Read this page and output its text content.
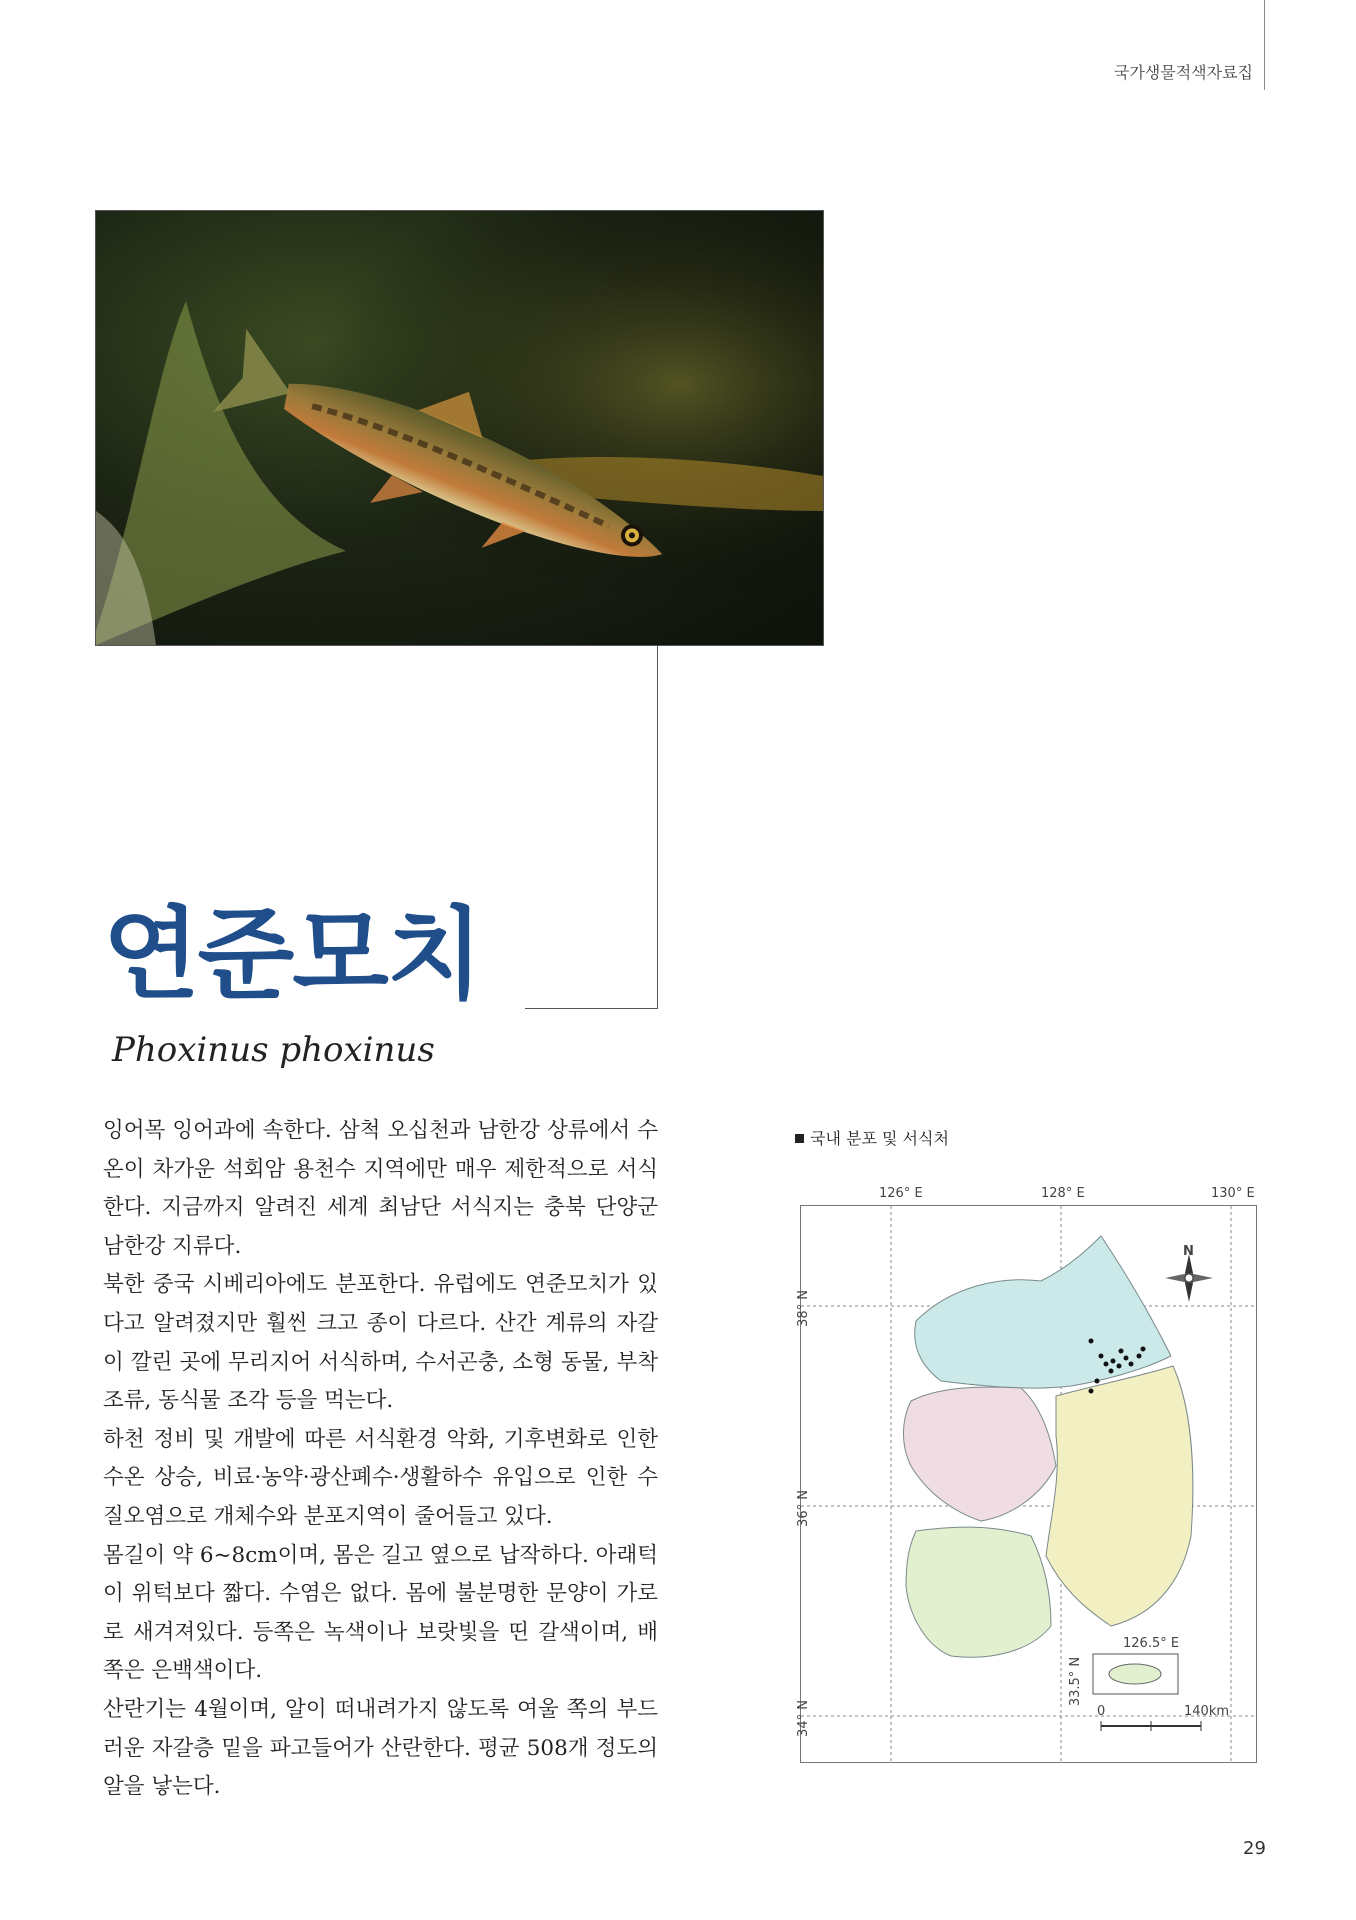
국가생물적색자료집
연준모치
Phoxinus phoxinus

잉어목 잉어과에 속한다. 삼척 오십천과 남한강 상류에서 수온이 차가운 석회암 용천수 지역에만 매우 제한적으로 서식한다. 지금까지 알려진 세계 최남단 서식지는 충북 단양군 남한강 지류다.

북한 중국 시베리아에도 분포한다. 유럽에도 연준모치가 있다고 알려졌지만 훨씬 크고 종이 다르다. 산간 계류의 자갈이 깔린 곳에 무리지어 서식하며, 수서곤충, 소형 동물, 부착조류, 동식물 조각 등을 먹는다.

하천 정비 및 개발에 따른 서식환경 악화, 기후변화로 인한 수온 상승, 비료·농약·광산폐수·생활하수 유입으로 인한 수질오염으로 개체수와 분포지역이 줄어들고 있다.

몸길이 약 6~8cm이며, 몸은 길고 옆으로 납작하다. 아래턱이 위턱보다 짧다. 수염은 없다. 몸에 불분명한 문양이 가로로 새겨져있다. 등쪽은 녹색이나 보랏빛을 띤 갈색이며, 배 쪽은 은백색이다.

산란기는 4월이며, 알이 떠내려가지 않도록 여울 쪽의 부드러운 자갈층 밑을 파고들어가 산란한다. 평균 508개 정도의 알을 낳는다.

국내 분포 및 서식처
126° E	128° E	130° E
38° N
36° N
34° N
N
126.5° E
33.5° N
0	140km
29
